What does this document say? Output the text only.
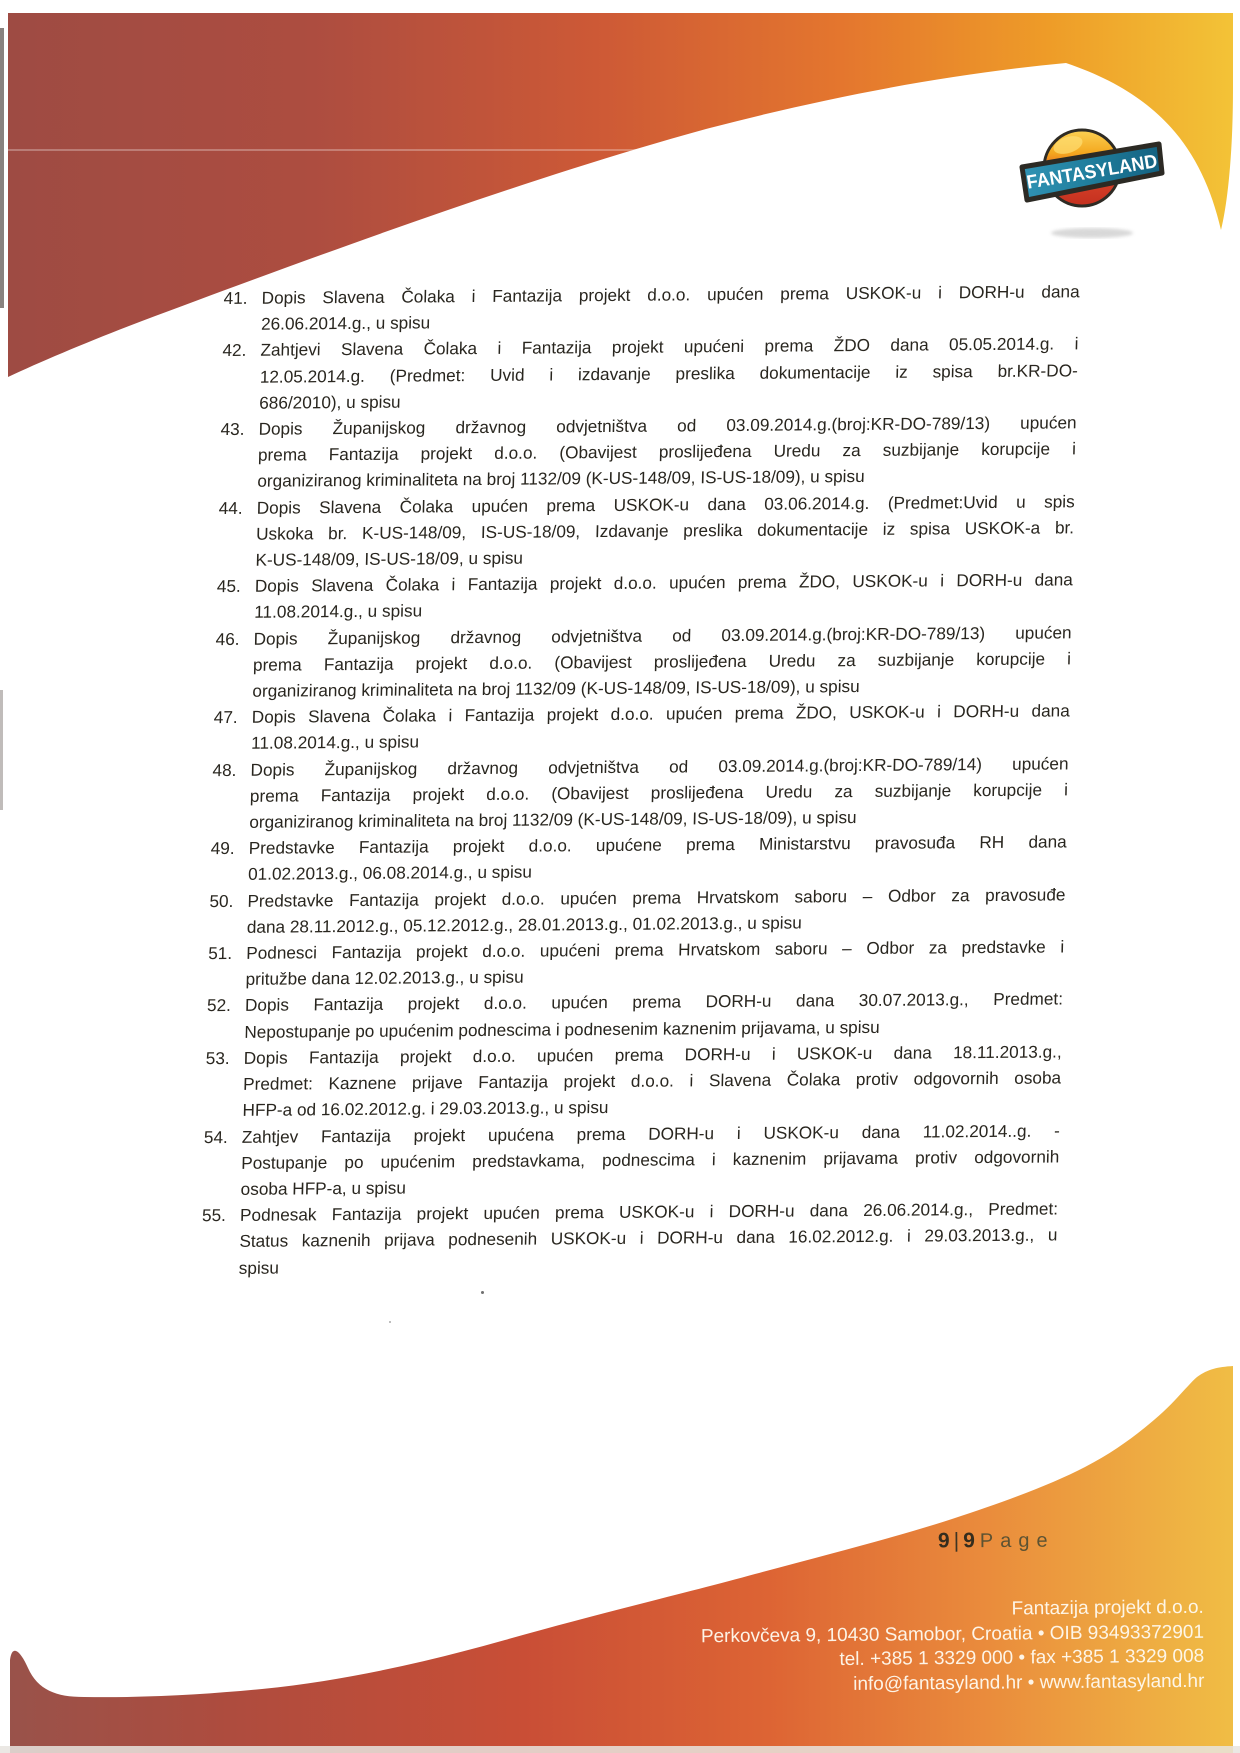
FANTASYLAND
41. Dopis Slavena Čolaka i Fantazija projekt d.o.o. upućen prema USKOK-u i DORH-u dana
26.06.2014.g., u spisu
42. Zahtjevi Slavena Čolaka i Fantazija projekt upućeni prema ŽDO dana 05.05.2014.g. i
12.05.2014.g. (Predmet: Uvid i izdavanje preslika dokumentacije iz spisa br.KR-DO-
686/2010), u spisu
43. Dopis Županijskog državnog odvjetništva od 03.09.2014.g.(broj:KR-DO-789/13) upućen
prema Fantazija projekt d.o.o. (Obavijest proslijeđena Uredu za suzbijanje korupcije i
organiziranog kriminaliteta na broj 1132/09 (K-US-148/09, IS-US-18/09), u spisu
44. Dopis Slavena Čolaka upućen prema USKOK-u dana 03.06.2014.g. (Predmet:Uvid u spis
Uskoka br. K-US-148/09, IS-US-18/09, Izdavanje preslika dokumentacije iz spisa USKOK-a br.
K-US-148/09, IS-US-18/09, u spisu
45. Dopis Slavena Čolaka i Fantazija projekt d.o.o. upućen prema ŽDO, USKOK-u i DORH-u dana
11.08.2014.g., u spisu
46. Dopis Županijskog državnog odvjetništva od 03.09.2014.g.(broj:KR-DO-789/13) upućen
prema Fantazija projekt d.o.o. (Obavijest proslijeđena Uredu za suzbijanje korupcije i
organiziranog kriminaliteta na broj 1132/09 (K-US-148/09, IS-US-18/09), u spisu
47. Dopis Slavena Čolaka i Fantazija projekt d.o.o. upućen prema ŽDO, USKOK-u i DORH-u dana
11.08.2014.g., u spisu
48. Dopis Županijskog državnog odvjetništva od 03.09.2014.g.(broj:KR-DO-789/14) upućen
prema Fantazija projekt d.o.o. (Obavijest proslijeđena Uredu za suzbijanje korupcije i
organiziranog kriminaliteta na broj 1132/09 (K-US-148/09, IS-US-18/09), u spisu
49. Predstavke Fantazija projekt d.o.o. upućene prema Ministarstvu pravosuđa RH dana
01.02.2013.g., 06.08.2014.g., u spisu
50. Predstavke Fantazija projekt d.o.o. upućen prema Hrvatskom saboru – Odbor za pravosuđe
dana 28.11.2012.g., 05.12.2012.g., 28.01.2013.g., 01.02.2013.g., u spisu
51. Podnesci Fantazija projekt d.o.o. upućeni prema Hrvatskom saboru – Odbor za predstavke i
pritužbe dana 12.02.2013.g., u spisu
52. Dopis Fantazija projekt d.o.o. upućen prema DORH-u dana 30.07.2013.g., Predmet:
Nepostupanje po upućenim podnescima i podnesenim kaznenim prijavama, u spisu
53. Dopis Fantazija projekt d.o.o. upućen prema DORH-u i USKOK-u dana 18.11.2013.g.,
Predmet: Kaznene prijave Fantazija projekt d.o.o. i Slavena Čolaka protiv odgovornih osoba
HFP-a od 16.02.2012.g. i 29.03.2013.g., u spisu
54. Zahtjev Fantazija projekt upućena prema DORH-u i USKOK-u dana 11.02.2014..g. -
Postupanje po upućenim predstavkama, podnescima i kaznenim prijavama protiv odgovornih
osoba HFP-a, u spisu
55. Podnesak Fantazija projekt upućen prema USKOK-u i DORH-u dana 26.06.2014.g., Predmet:
Status kaznenih prijava podnesenih USKOK-u i DORH-u dana 16.02.2012.g. i 29.03.2013.g., u
spisu
9 | 9 Page
Fantazija projekt d.o.o.
Perkovčeva 9, 10430 Samobor, Croatia • OIB 93493372901
tel. +385 1 3329 000 • fax +385 1 3329 008
info@fantasyland.hr • www.fantasyland.hr
